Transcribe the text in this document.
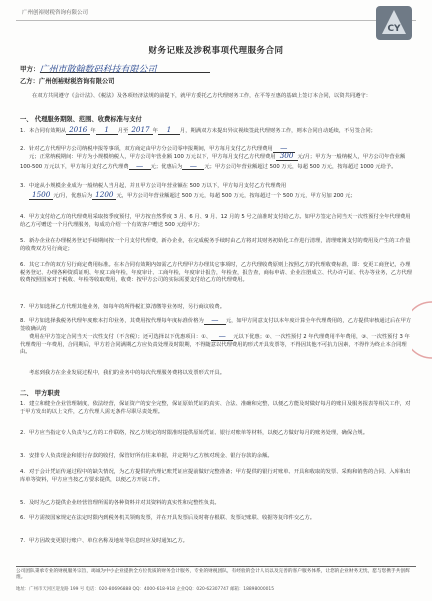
广州创裕财税咨询有限公司
CY
财务记账及涉税事项代理服务合同
甲方：广州市散翰数码科技有限公司
乙方：广州创裕财税咨询有限公司
在双方共同遵守《会计法》、《税法》及各项经济法规的前提下，就甲方委托乙方代理财务工作，在平等互惠的基础上签订本合同，以资共同遵守：
一、 代理服务期限、范围、收费标准与支付
1. 本合同有效期从 2016 年 1 月至 2017 年 1 月，期满双方未提出异议视续签此代理财务工作，则本合同自动延续，不另签合同；
2. 针对乙方代理甲方公司纳税申报等事项，双方商定由甲方分公司零申报期间，甲方每月支付乙方代理费用 —
元；正常纳税期间：甲方为小规模纳税人，甲方公司年营业额 100 万元以下，甲方每月支付乙方代理费用 300 元/月；甲方为一般纳税人，甲方公司年营业额 100-500 万元以下，甲方每月支付乙方代理费 — 元；优惠后为 — 元；甲方公司年营业额超过 500 万元，每超 500 万元，按每超过 1000 元给予。
3. 中途从小规模企业成为一般纳税人当月起，并且甲方公司年营业额在 500 万以下，甲方每月支付乙方代理费用
1500 元/月，优惠后为 1200 元，甲方公司年营业额超过 500 万元，每超 500 万元，按每超过一个 500 万元，甲方另加 200 元；
4. 甲方支付给乙方的代理费用采取按季度预付，甲方按自然季度 3 月、6 月、9 月、12 月的 5 号之前准时支付给乙方。如甲方签定合同当天一次性预付全年代理费用给乙方可赠送一个月代理服务，每成功介绍一个有效客户赠送 500 元给甲方；
5. 新办企业在办理税务登记手续期间按一个月支付代理费，新办企业，在完成税务手续时由乙方将对其财务初始化工作进行清理，清理账簿支付的费用及产生的工作量的收费双方另行商定；
6. 其它工作的双方另行商定费用标准。在本合同有效期内如需乙方代理甲方办理其它事项时，乙方代理收费原则上按照乙方的代理收费标准，即：变更工商登记，办理税务登记、办理各种资质证明、年度工商年检，年度审计、工商年检，年度审计报告，年检查，报告查，商标申请、企业注册成立、代办许可证、代办等业务，乙方代理收费按照国家对于税收、年检等收取费用，收费：按甲方公司的实际需要支付给乙方的代理费用。
7. 甲方如选择乙方代理其他业务，如每年的所得税汇算清缴等业务时，另行商议收费。
8. 甲方如选择我税务代理年度账本打印业务，其费用按代理每年度标准价格为 — 元，如甲方同意支付以本年度计算全年代理费用的，乙方提供审核通过后在甲方签收确认的
费用在甲方签定合同当天一次性支付（不含税）；还可选择以下优惠项目：①、 — 元以下优惠；②、一次性预付 2 年代理费用半年费用，③、一次性预付 3 年代理费用一年费用，合同期后，甲方若合同满期乙方应负责处理及时限期，不得随意以代理费用的形式开具发票等，不得因其他不可抗力因素，不得作为终止本合同理由。
考虑到我方在企业发展过程中，我们的业务中的每次代理服务费将以发票形式开具。
二、 甲方职责
1. 建立和健全企业管理制度，依法经营，保证资产的安全完整，保证原始凭证的真实、合法、准确和完整，以便乙方能及时做好每月的账目及服务报表等相关工作，对于甲方发出的以上文件，乙方代理人需无条件尽职尽责处理。
2. 甲方应当指定专人负责与乙方的工作联络，按乙方规定的时限准时提供原始凭证、银行对账单等材料，以便乙方做好每月的账务处理，确保合规。
3. 安排专人负责现金和银行存款的收付，保管好所有往来单据，并定期与乙方核对现金、银行存款的余额。
4. 对于会计凭证传递过程中的缺失情况，为乙方提供的代理记账凭证应提前做好完整准备；甲方提供的银行对账单、开具和收取的发票、采购和销售的合同、入库和出库单等资料，甲方应当按乙方要求提供，以便乙方开展工作。
5. 及时为乙方提供企业经营管理所需的各种资料并对其资料的真实性和完整性负责。
6. 甲方需按国家规定在法定时限内到税务机关领购发票，并在开具发票后及时将存根联、发票记账联、收据等复印件交乙方。
7. 甲方因故变更银行账户、单位名称及地址等信息时应及时通知乙方。
公司团队秉承专业的财税服务宗旨，竭诚为中小企业提供全方位优质的财务会计服务，专业的财税团队，有经验的会计人员以及完善的客户服务体系，让您的企业财务无忧，愿与您携手共创辉煌。
地址：广州市天河区迎龙路 199 号 电话：020-80696888 QQ：4000-618-918 企业QQ：020-62307747 邮箱：18898000015
